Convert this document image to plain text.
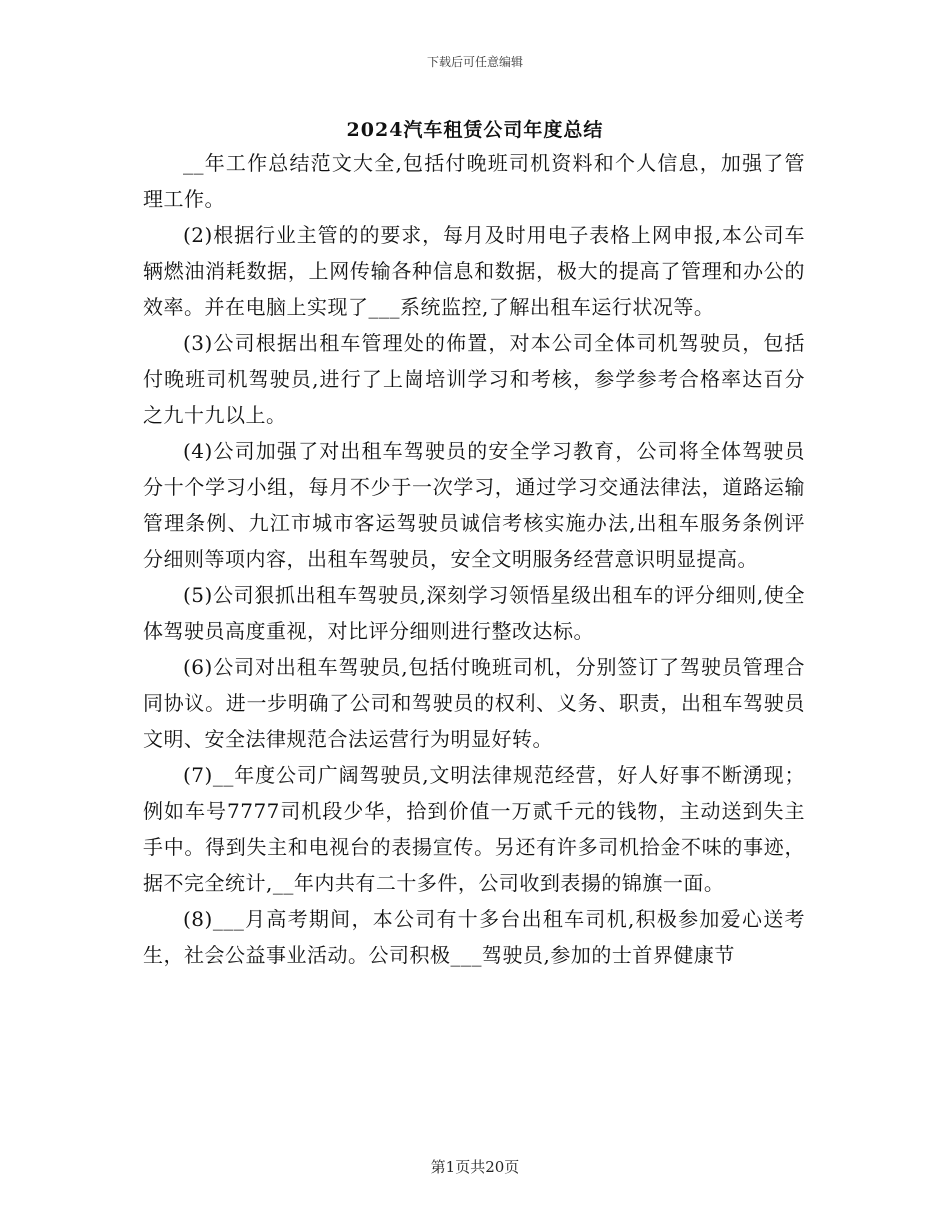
下载后可任意编辑
2024汽车租赁公司年度总结

__年工作总结范文大全,包括付晚班司机资料和个人信息，加强了管理工作。

(2)根据行业主管的的要求，每月及时用电子表格上网申报,本公司车辆燃油消耗数据，上网传输各种信息和数据，极大的提高了管理和办公的效率。并在电脑上实现了___系统监控,了解出租车运行状况等。

(3)公司根据出租车管理处的佈置，对本公司全体司机驾驶员，包括付晚班司机驾驶员,进行了上崗培训学习和考核，参学参考合格率达百分之九十九以上。

(4)公司加强了对出租车驾驶员的安全学习教育，公司将全体驾驶员分十个学习小组，每月不少于一次学习，通过学习交通法律法，道路运输管理条例、九江市城市客运驾驶员诚信考核实施办法,出租车服务条例评分细则等项内容，出租车驾驶员，安全文明服务经营意识明显提高。

(5)公司狠抓出租车驾驶员,深刻学习领悟星级出租车的评分细则,使全体驾驶员高度重视，对比评分细则进行整改达标。

(6)公司对出租车驾驶员,包括付晚班司机，分别签订了驾驶员管理合同协议。进一步明确了公司和驾驶员的权利、义务、职责，出租车驾驶员文明、安全法律规范合法运营行为明显好转。

(7)__年度公司广阔驾驶员,文明法律规范经营，好人好事不断湧现；例如车号7777司机段少华，拾到价值一万贰千元的钱物，主动送到失主手中。得到失主和电视台的表揚宣传。另还有许多司机拾金不味的事迹，据不完全统计,__年内共有二十多件，公司收到表揚的锦旗一面。

(8)___月高考期间，本公司有十多台出租车司机,积极参加爱心送考生，社会公益事业活动。公司积极___驾驶员,参加的士首界健康节

第1页共20页
